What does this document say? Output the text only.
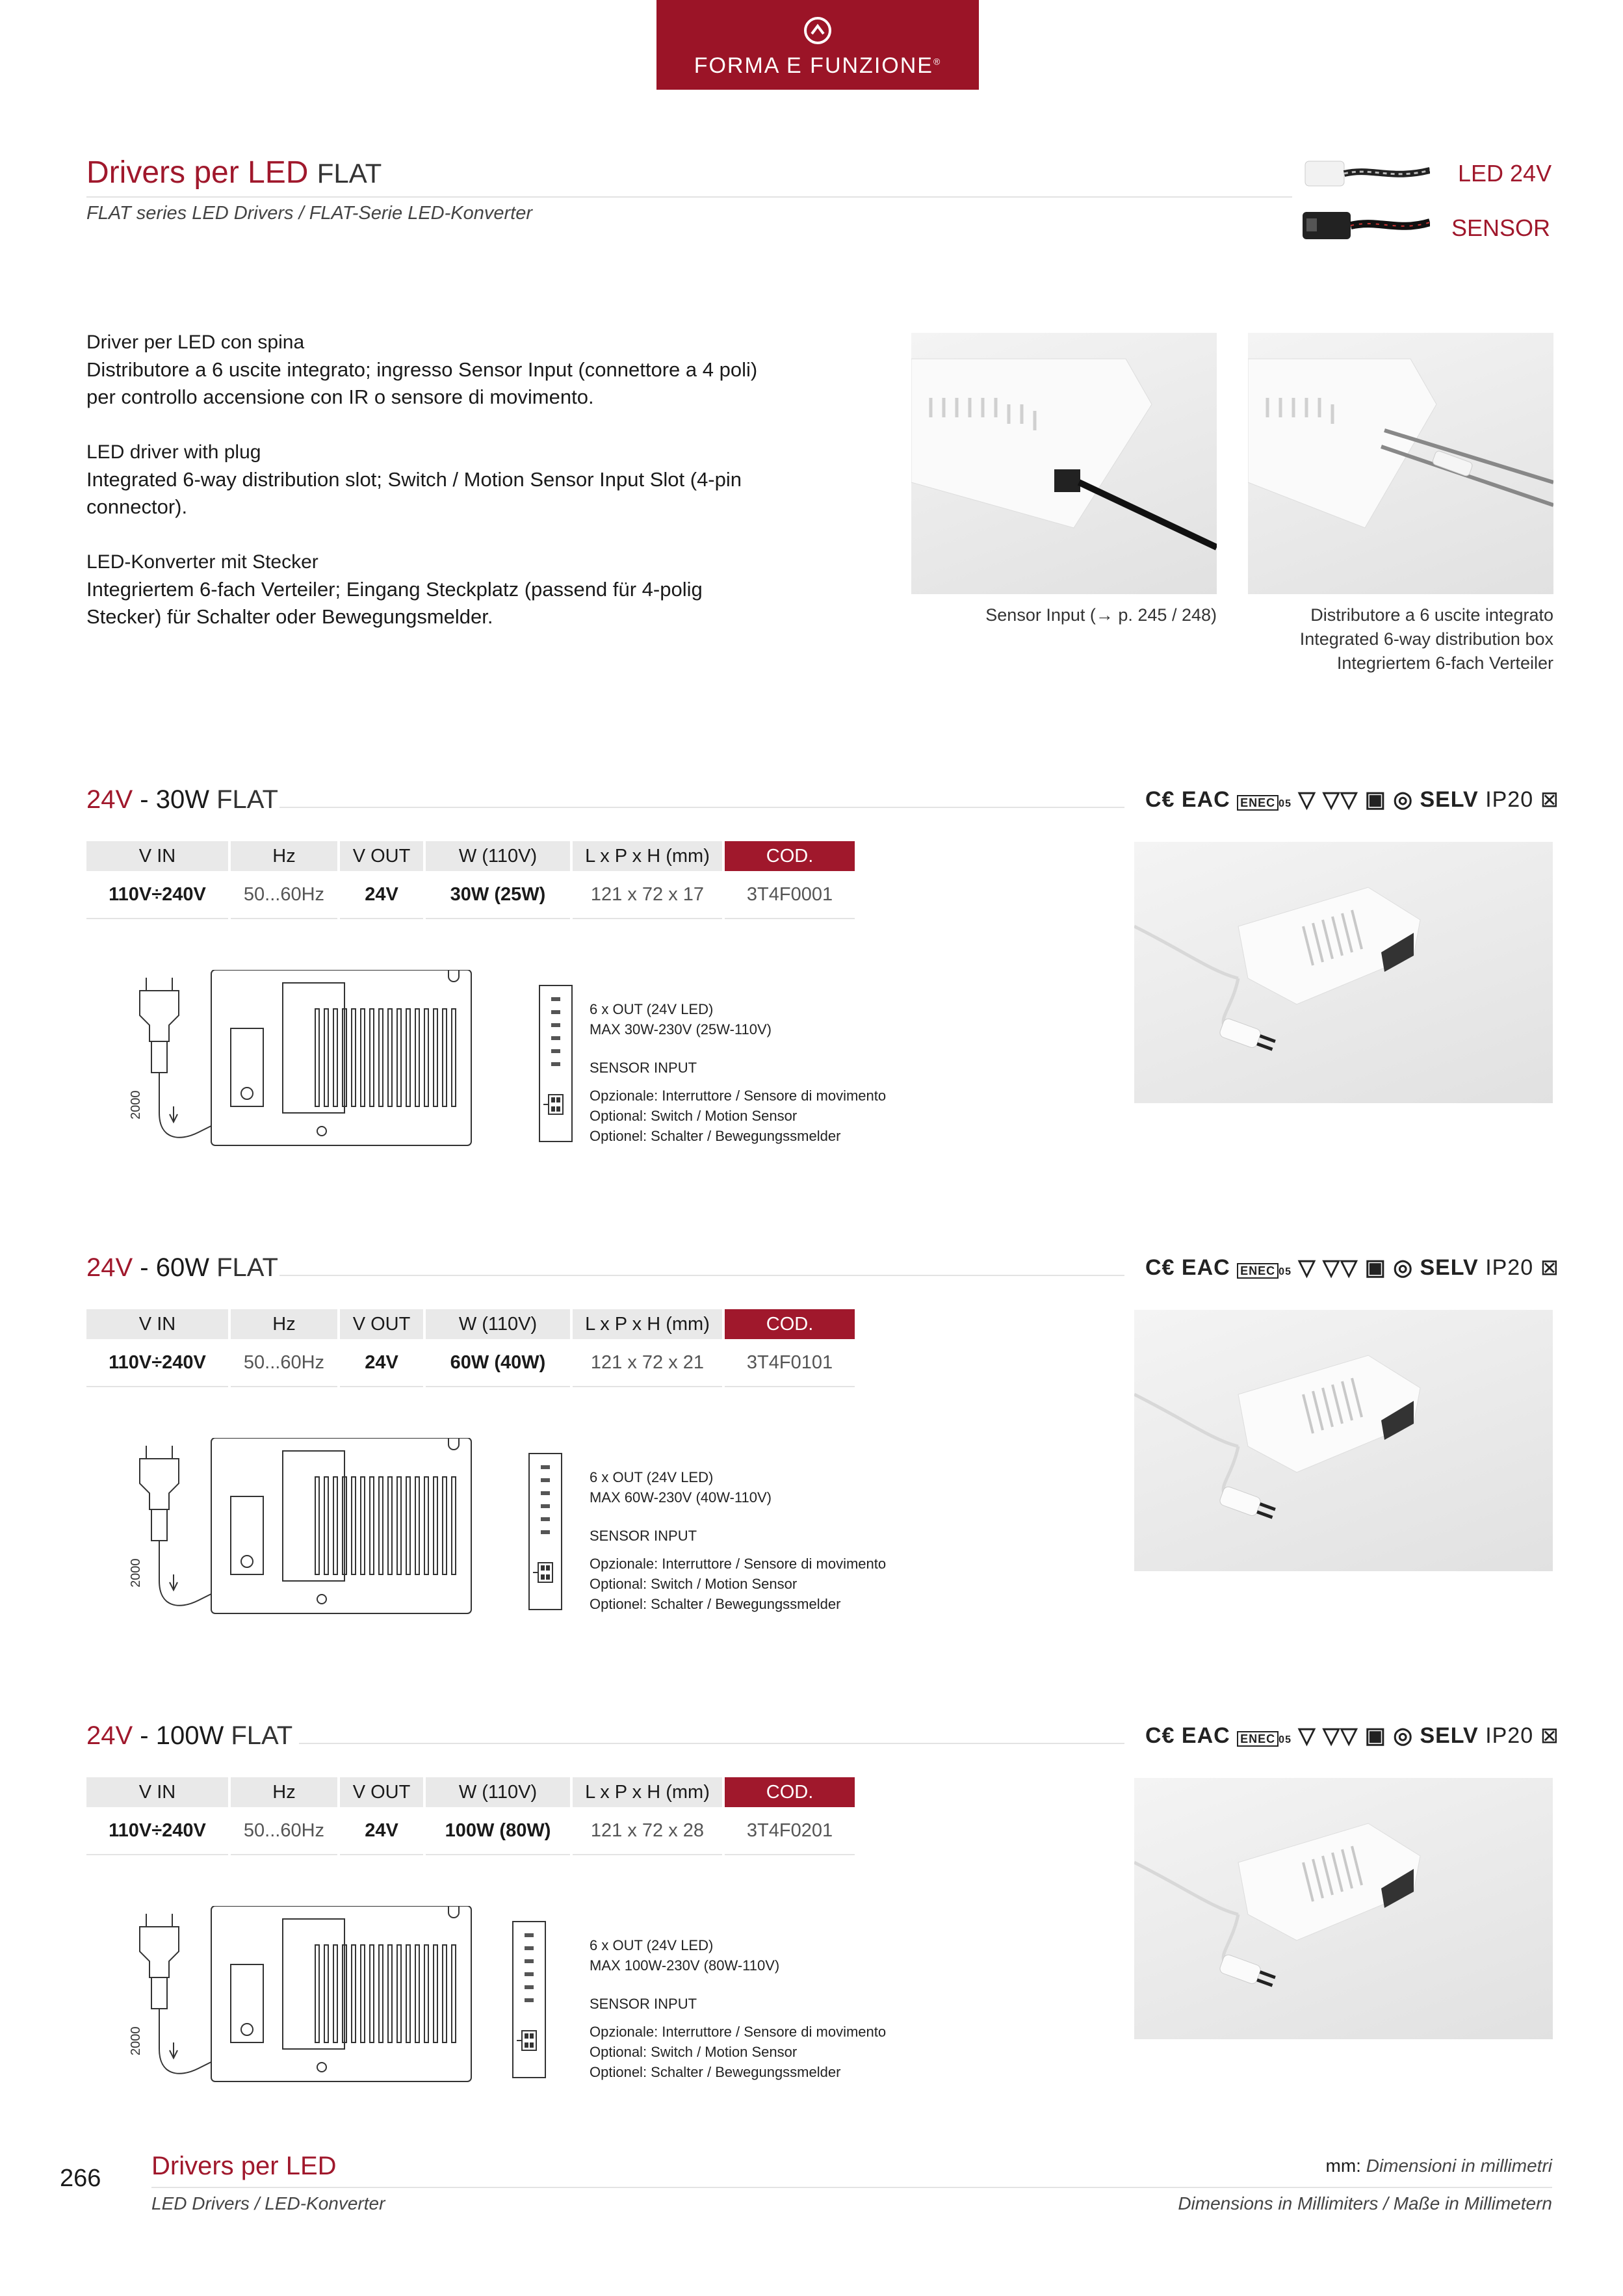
FORMA E FUNZIONE®
Drivers per LED FLAT
FLAT series LED Drivers / FLAT-Serie LED-Konverter
LED 24V
SENSOR

Driver per LED con spina
Distributore a 6 uscite integrato; ingresso Sensor Input (connettore a 4 poli) per controllo accensione con IR o sensore di movimento.

LED driver with plug
Integrated 6-way distribution slot; Switch / Motion Sensor Input Slot (4-pin connector).

LED-Konverter mit Stecker
Integriertem 6-fach Verteiler; Eingang Steckplatz (passend für 4-polig Stecker) für Schalter oder Bewegungsmelder.	Sensor Input (→ p. 245 / 248)	Distributore a 6 uscite integrato
Integrated 6-way distribution box
Integriertem 6-fach Verteiler
24V - 30W FLAT	C€ EAC ENEC 05 ▽ ▽▽ ▣ ◎ SELV IP20 ⊠
V IN	Hz	V OUT	W (110V)	L x P x H (mm)	COD.
110V÷240V	50...60Hz	24V	30W (25W)	121 x 72 x 17	3T4F0001
2000
6 x OUT (24V LED)
MAX 30W-230V (25W-110V)
SENSOR INPUT
Opzionale: Interruttore / Sensore di movimento
Optional: Switch / Motion Sensor
Optionel: Schalter / Bewegungssmelder
24V - 60W FLAT	C€ EAC ENEC 05 ▽ ▽▽ ▣ ◎ SELV IP20 ⊠
V IN	Hz	V OUT	W (110V)	L x P x H (mm)	COD.
110V÷240V	50...60Hz	24V	60W (40W)	121 x 72 x 21	3T4F0101
2000
6 x OUT (24V LED)
MAX 60W-230V (40W-110V)
SENSOR INPUT
Opzionale: Interruttore / Sensore di movimento
Optional: Switch / Motion Sensor
Optionel: Schalter / Bewegungssmelder
24V - 100W FLAT	C€ EAC ENEC 05 ▽ ▽▽ ▣ ◎ SELV IP20 ⊠
V IN	Hz	V OUT	W (110V)	L x P x H (mm)	COD.
110V÷240V	50...60Hz	24V	100W (80W)	121 x 72 x 28	3T4F0201
2000
6 x OUT (24V LED)
MAX 100W-230V (80W-110V)
SENSOR INPUT
Opzionale: Interruttore / Sensore di movimento
Optional: Switch / Motion Sensor
Optionel: Schalter / Bewegungssmelder
266 Drivers per LED
LED Drivers / LED-Konverter
mm: Dimensioni in millimetri
Dimensions in Millimiters / Maße in Millimetern
